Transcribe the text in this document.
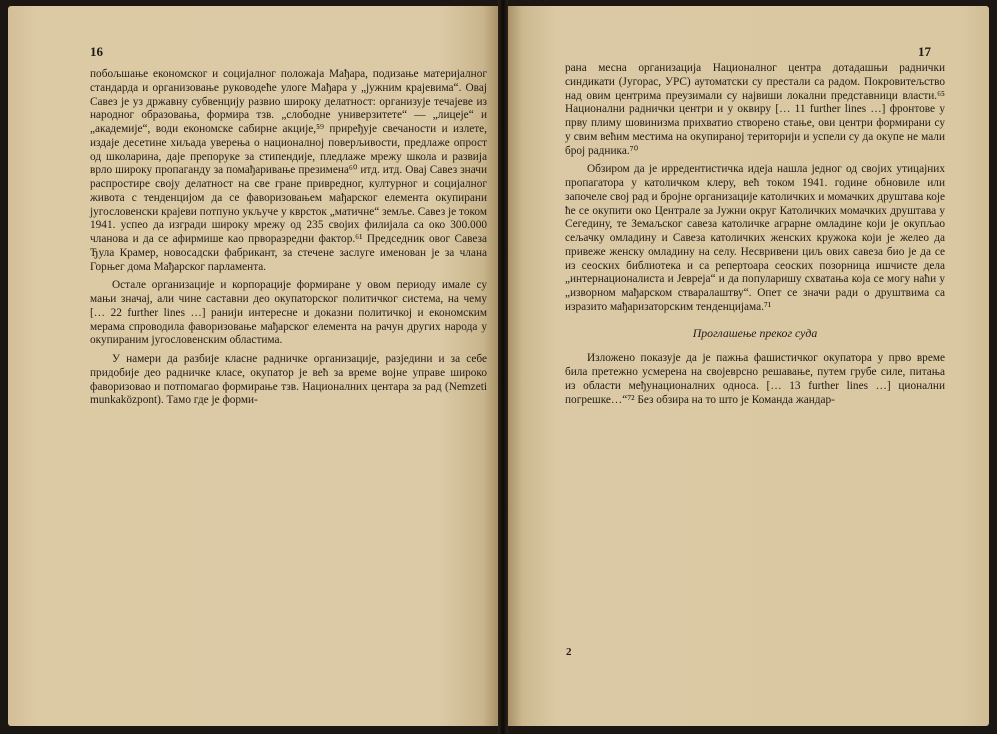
16

побољшање економског и социјалног положаја Мађара, подизање материјалног стандарда и организовање руководеће улоге Мађара у „јужним крајевима“. Овај Савез је уз државну субвенцију развио широку делатност: организује течајеве из народног образовања, формира тзв. „слободне универзитете“ — „лицеје“ и „академије“, води економске сабирне акције,⁵⁹ приређује свечаности и излете, издаје десетине хиљада уверења о националној поверљивости, предлаже опрост од школарина, даје препоруке за стипендије, пледлаже мрежу школа и развија врло широку пропаганду за помађаривање презимена⁶⁰ итд. итд. Овај Савез значи распростире своју делатност на све гране привредног, културног и социјалног живота с тенденцијом да се фаворизовањем мађарског елемента окупирани југословенски крајеви потпуно укључе у кврсток „матичне“ земље. Савез је током 1941. успео да изгради широку мрежу од 235 својих филијала са око 300.000 чланова и да се афирмише као прворазредни фактор.⁶¹ Председник овог Савеза Ђула Крамер, новосадски фабрикант, за стечене заслуге именован је за члана Горњег дома Мађарског парламента.

Остале организације и корпорације формиране у овом периоду имале су мањи значај, али чине саставни део окупаторског политичког система, на чему [… 22 further lines …] ранији интересне и доказни политичкој и економским мерама спроводила фаворизовање мађарског елемента на рачун других народа у окупираним југословенским областима.

У намери да разбије класне радничке организације, разједини и за себе придобије део радничке класе, окупатор је већ за време војне управе широко фаворизовао и потпомагао формирање тзв. Националних центара за рад (Nemzeti munkaközpont). Тамо где је форми-

17

рана месна организација Националног центра дотадашњи раднички синдикати (Југорас, УРС) аутоматски су престали са радом. Покровитељство над овим центрима преузимали су највиши локални представници власти.⁶⁵ Национални раднички центри и у оквиру [… 11 further lines …] фронтове у прву плиму шовинизма прихватио створено стање, ови центри формирани су у свим већим местима на окупираној територији и успели су да окупе не мали број радника.⁷⁰

Обзиром да је ирредентистичка идеја нашла једног од својих утицајних пропагатора у католичком клеру, већ током 1941. године обновиле или започеле свој рад и бројне организације католичких и момачких друштава које ће се окупити око Централе за Јужни округ Католичких момачких друштава у Сегедину, те Земаљског савеза католичке аграрне омладине који је окупљао сељачку омладину и Савеза католичких женских кружока који је желео да привеже женску омладину на селу. Несвривени циљ ових савеза био је да се из сеоских библиотека и са репертоара сеоских позорница ишчисте дела „интернационалиста и Јевреја“ и да популаришу схватања која се могу наћи у „изворном мађарском стваралаштву“. Опет се значи ради о друштвима са изразито мађаризаторским тенденцијама.⁷¹

Проглашење преког суда

Изложено показује да је пажња фашистичког окупатора у прво време била претежно усмерена на својеврсно решавање, путем грубе силе, питања из области међунационалних односа. [… 13 further lines …] ционални погрешке…“⁷² Без обзира на то што је Команда жандар-

2
